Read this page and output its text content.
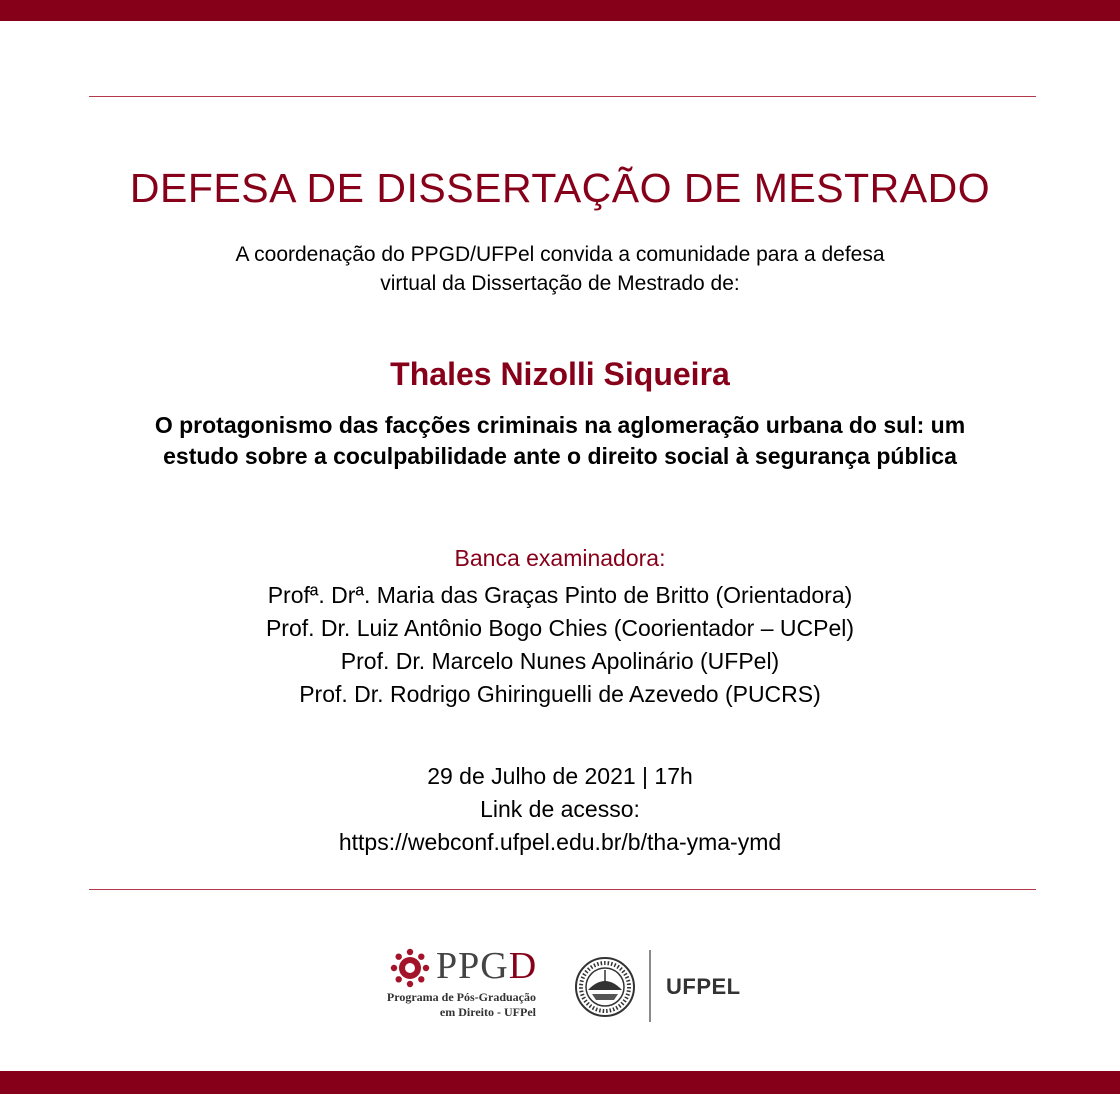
DEFESA DE DISSERTAÇÃO DE MESTRADO
A coordenação do PPGD/UFPel convida a comunidade para a defesa
virtual da Dissertação de Mestrado de:
Thales Nizolli Siqueira
O protagonismo das facções criminais na aglomeração urbana do sul: um
estudo sobre a coculpabilidade ante o direito social à segurança pública
Banca examinadora:
Profª. Drª. Maria das Graças Pinto de Britto (Orientadora)
Prof. Dr. Luiz Antônio Bogo Chies (Coorientador – UCPel)
Prof. Dr. Marcelo Nunes Apolinário (UFPel)
Prof. Dr. Rodrigo Ghiringuelli de Azevedo (PUCRS)
29 de Julho de 2021 | 17h
Link de acesso:
https://webconf.ufpel.edu.br/b/tha-yma-ymd
PPGD
Programa de Pós-Graduação
em Direito - UFPel
UFPEL
